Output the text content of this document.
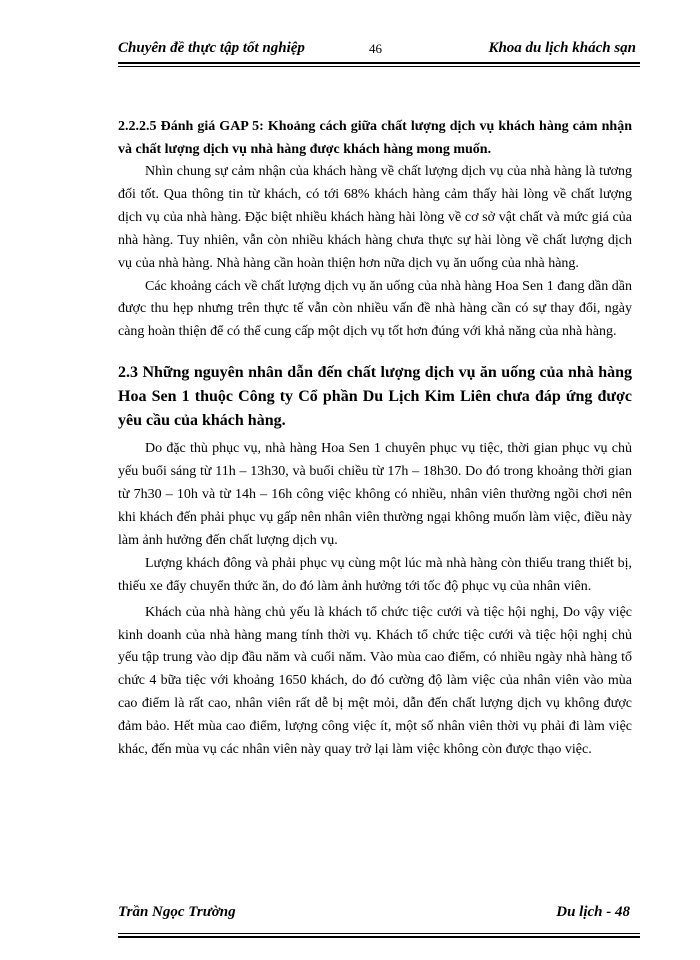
Chuyên đề thực tập tốt nghiệp	46	Khoa du lịch khách sạn

2.2.2.5 Đánh giá GAP 5: Khoảng cách giữa chất lượng dịch vụ khách hàng cảm nhận và chất lượng dịch vụ nhà hàng được khách hàng mong muốn.

Nhìn chung sự cảm nhận của khách hàng về chất lượng dịch vụ của nhà hàng là tương đối tốt. Qua thông tin từ khách, có tới 68% khách hàng cảm thấy hài lòng về chất lượng dịch vụ của nhà hàng. Đặc biệt nhiều khách hàng hài lòng về cơ sở vật chất và mức giá của nhà hàng. Tuy nhiên, vẫn còn nhiều khách hàng chưa thực sự hài lòng về chất lượng dịch vụ của nhà hàng. Nhà hàng cần hoàn thiện hơn nữa dịch vụ ăn uống của nhà hàng.

Các khoảng cách về chất lượng dịch vụ ăn uống của nhà hàng Hoa Sen 1 đang dần dần được thu hẹp nhưng trên thực tế vẫn còn nhiều vấn đề nhà hàng cần có sự thay đổi, ngày càng hoàn thiện để có thể cung cấp một dịch vụ tốt hơn đúng với khả năng của nhà hàng.

2.3 Những nguyên nhân dẫn đến chất lượng dịch vụ ăn uống của nhà hàng Hoa Sen 1 thuộc Công ty Cổ phần Du Lịch Kim Liên chưa đáp ứng được yêu cầu của khách hàng.

Do đặc thù phục vụ, nhà hàng Hoa Sen 1 chuyên phục vụ tiệc, thời gian phục vụ chủ yếu buổi sáng từ 11h – 13h30, và buổi chiều từ 17h – 18h30. Do đó trong khoảng thời gian từ 7h30 – 10h và từ 14h – 16h công việc không có nhiều, nhân viên thường ngồi chơi nên khi khách đến phải phục vụ gấp nên nhân viên thường ngại không muốn làm việc, điều này làm ảnh hưởng đến chất lượng dịch vụ.

Lượng khách đông và phải phục vụ cùng một lúc mà nhà hàng còn thiếu trang thiết bị, thiếu xe đẩy chuyển thức ăn, do đó làm ảnh hưởng tới tốc độ phục vụ của nhân viên.

Khách của nhà hàng chủ yếu là khách tổ chức tiệc cưới và tiệc hội nghị, Do vậy việc kinh doanh của nhà hàng mang tính thời vụ. Khách tổ chức tiệc cưới và tiệc hội nghị chủ yếu tập trung vào dịp đầu năm và cuối năm. Vào mùa cao điểm, có nhiều ngày nhà hàng tổ chức 4 bữa tiệc với khoảng 1650 khách, do đó cường độ làm việc của nhân viên vào mùa cao điểm là rất cao, nhân viên rất dễ bị mệt mỏi, dẫn đến chất lượng dịch vụ không được đảm bảo. Hết mùa cao điểm, lượng công việc ít, một số nhân viên thời vụ phải đi làm việc khác, đến mùa vụ các nhân viên này quay trở lại làm việc không còn được thạo việc.

Trần Ngọc Trường	Du lịch - 48
